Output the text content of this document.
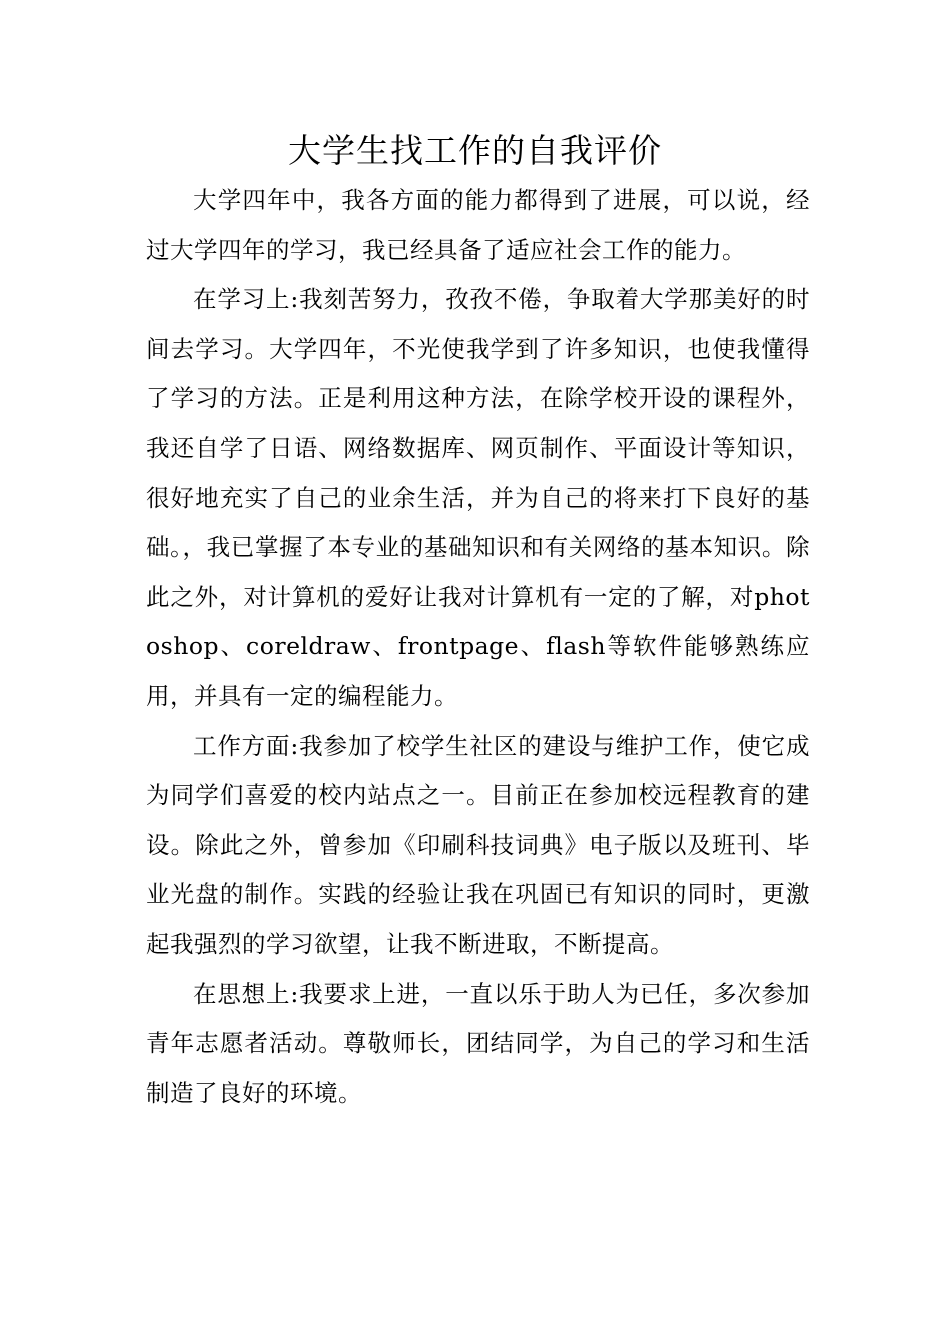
大学生找工作的自我评价

大学四年中，我各方面的能力都得到了进展，可以说，经过大学四年的学习，我已经具备了适应社会工作的能力。

在学习上:我刻苦努力，孜孜不倦，争取着大学那美好的时间去学习。大学四年，不光使我学到了许多知识，也使我懂得了学习的方法。正是利用这种方法，在除学校开设的课程外，我还自学了日语、网络数据库、网页制作、平面设计等知识，很好地充实了自己的业余生活，并为自己的将来打下良好的基础。，我已掌握了本专业的基础知识和有关网络的基本知识。除此之外，对计算机的爱好让我对计算机有一定的了解，对photoshop、coreldraw、frontpage、flash等软件能够熟练应用，并具有一定的编程能力。

工作方面:我参加了校学生社区的建设与维护工作，使它成为同学们喜爱的校内站点之一。目前正在参加校远程教育的建设。除此之外，曾参加《印刷科技词典》电子版以及班刊、毕业光盘的制作。实践的经验让我在巩固已有知识的同时，更激起我强烈的学习欲望，让我不断进取，不断提高。

在思想上:我要求上进，一直以乐于助人为已任，多次参加青年志愿者活动。尊敬师长，团结同学，为自己的学习和生活制造了良好的环境。
